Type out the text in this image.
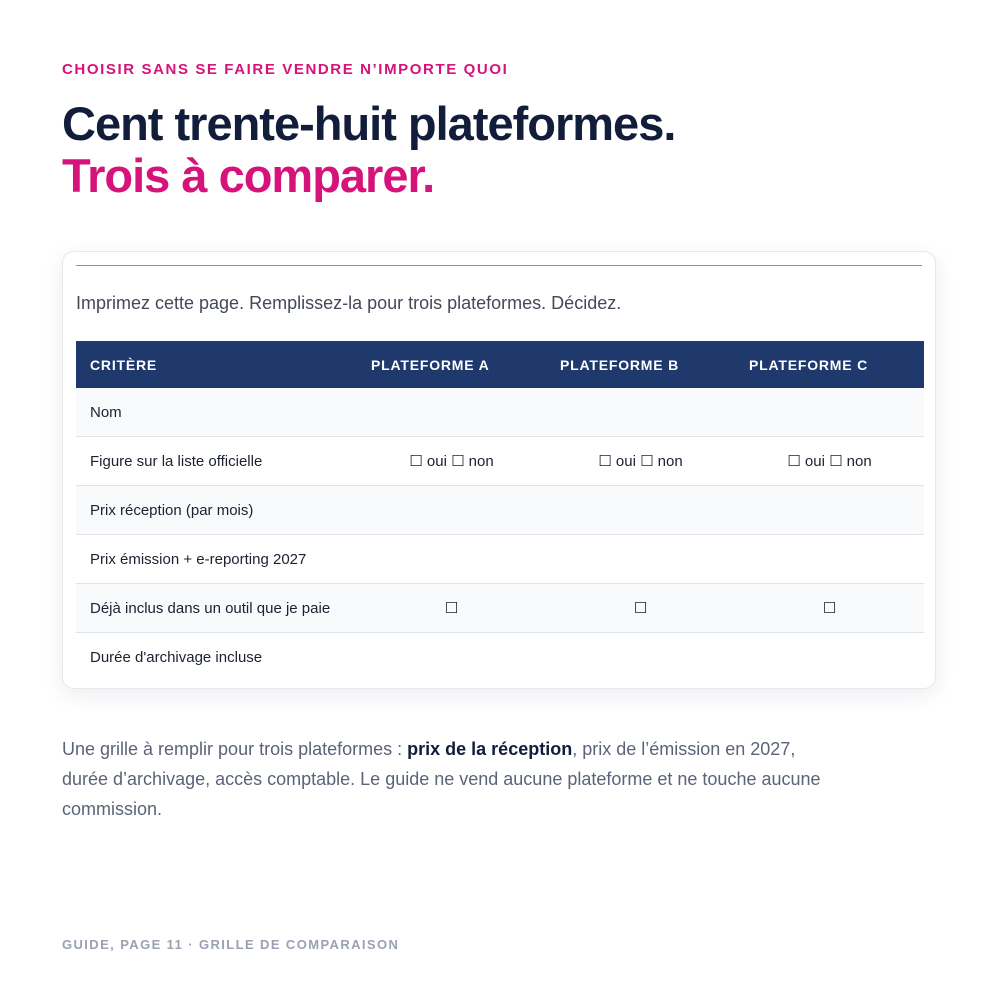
CHOISIR SANS SE FAIRE VENDRE N’IMPORTE QUOI
Cent trente-huit plateformes.
Trois à comparer.
Imprimez cette page. Remplissez-la pour trois plateformes. Décidez.
CRITÈRE	PLATEFORME A	PLATEFORME B	PLATEFORME C
Nom			
Figure sur la liste officielle	☐ oui ☐ non	☐ oui ☐ non	☐ oui ☐ non
Prix réception (par mois)			
Prix émission + e-reporting 2027			
Déjà inclus dans un outil que je paie	☐	☐	☐
Durée d'archivage incluse			

Une grille à remplir pour trois plateformes : prix de la réception, prix de l’émission en 2027, durée d’archivage, accès comptable. Le guide ne vend aucune plateforme et ne touche aucune commission.

GUIDE, PAGE 11 · GRILLE DE COMPARAISON
